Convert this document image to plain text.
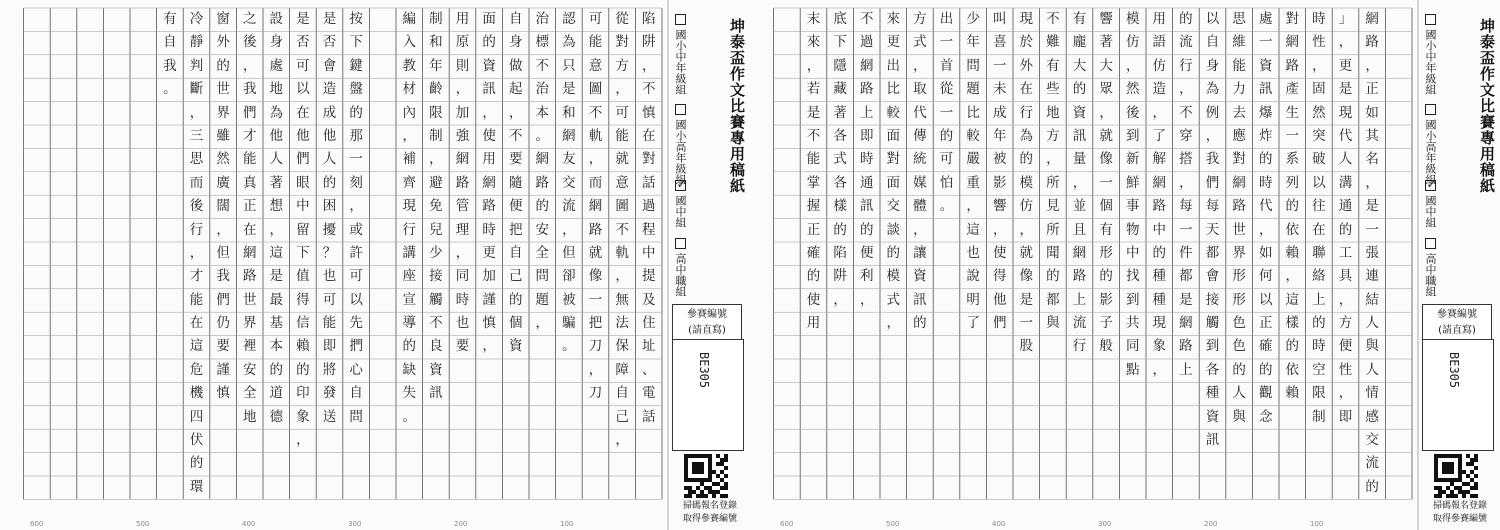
陷
阱
，
不
慎
在
對
話
過
程
中
提
及
住
址
、
電
話
從
對
方
，
可
能
就
意
圖
不
軌
，
無
法
保
障
自
己
，
可
能
意
圖
不
軌
，
而
網
路
就
像
一
把
刀
，
刀
認
為
只
是
和
網
友
交
流
，
但
卻
被
騙
。
治
標
不
治
本
。
網
路
的
安
全
問
題
，
自
身
做
起
，
不
要
隨
便
把
自
己
的
個
資
面
的
資
訊
，
使
用
網
路
時
更
加
謹
慎
，
用
原
則
，
加
強
網
路
管
理
，
同
時
也
要
制
和
年
齡
限
制
，
避
免
兒
少
接
觸
不
良
資
訊
編
入
教
材
內
，
補
齊
現
行
講
座
宣
導
的
缺
失
。
按
下
鍵
盤
的
那
一
刻
，
或
許
可
以
先
捫
心
自
問
是
否
會
造
成
他
人
的
困
擾
？
也
可
能
即
將
發
送
是
否
可
以
在
他
們
眼
中
留
下
值
得
信
賴
的
印
象
，
設
身
處
地
為
他
人
著
想
，
這
是
最
基
本
的
道
德
之
後
，
我
們
才
能
真
正
在
網
路
世
界
裡
安
全
地
窗
外
的
世
界
雖
然
廣
闊
，
但
我
們
仍
要
謹
慎
冷
靜
判
斷
，
三
思
而
後
行
，
才
能
在
這
危
機
四
伏
的
環
有
自
我
。	坤泰盃作文比賽專用稿紙
國小中年級組
國小高年級組
✓
國中組
高中職組
參賽編號
(請直寫)
BE305
掃碼報名登錄
取得參賽編號
600	500	400	300	200	100
網
路
，
正
如
其
名
，
是
一
張
連
結
人
與
人
情
感
交
流
的
」
，
更
是
現
代
人
溝
通
的
工
具
，
方
便
性
，
即
時
性
，
固
然
突
破
以
往
在
聯
絡
上
的
時
空
限
制
對
網
路
產
生
一
系
列
的
依
賴
，
這
樣
的
依
賴
處
一
資
訊
爆
炸
的
時
代
，
如
何
以
正
確
的
觀
念
思
維
能
力
去
應
對
網
路
世
界
形
形
色
色
的
人
與
以
自
身
為
例
，
我
們
每
天
都
會
接
觸
到
各
種
資
訊
的
流
行
，
不
穿
搭
，
每
一
件
都
是
網
路
上
用
語
仿
造
，
了
解
網
路
中
的
種
種
現
象
，
模
仿
，
然
後
到
新
鮮
事
物
中
找
到
共
同
點
響
著
大
眾
，
就
像
一
個
有
形
的
影
子
般
有
龐
大
的
資
訊
量
，
並
且
網
路
上
流
行
不
難
有
些
地
方
，
所
見
所
聞
的
都
與
現
於
外
在
行
為
的
模
仿
，
就
像
是
一
股
叫
喜
一
未
成
年
被
影
響
，
使
得
他
們
少
年
問
題
比
較
嚴
重
，
這
也
說
明
了
出
一
首
從
一
的
可
怕
。
方
式
，
取
代
傳
統
媒
體
，
讓
資
訊
的
來
更
出
比
較
面
對
面
交
談
的
模
式
，
不
過
網
路
上
即
時
通
訊
的
便
利
，
底
下
隱
藏
著
各
式
各
樣
的
陷
阱
，
末
來
，
若
是
不
能
掌
握
正
確
的
使
用
坤泰盃作文比賽專用稿紙
國小中年級組
國小高年級組
✓
國中組
高中職組
參賽編號
(請直寫)
BE305
掃碼報名登錄
取得參賽編號
600	500	400	300	200	100
